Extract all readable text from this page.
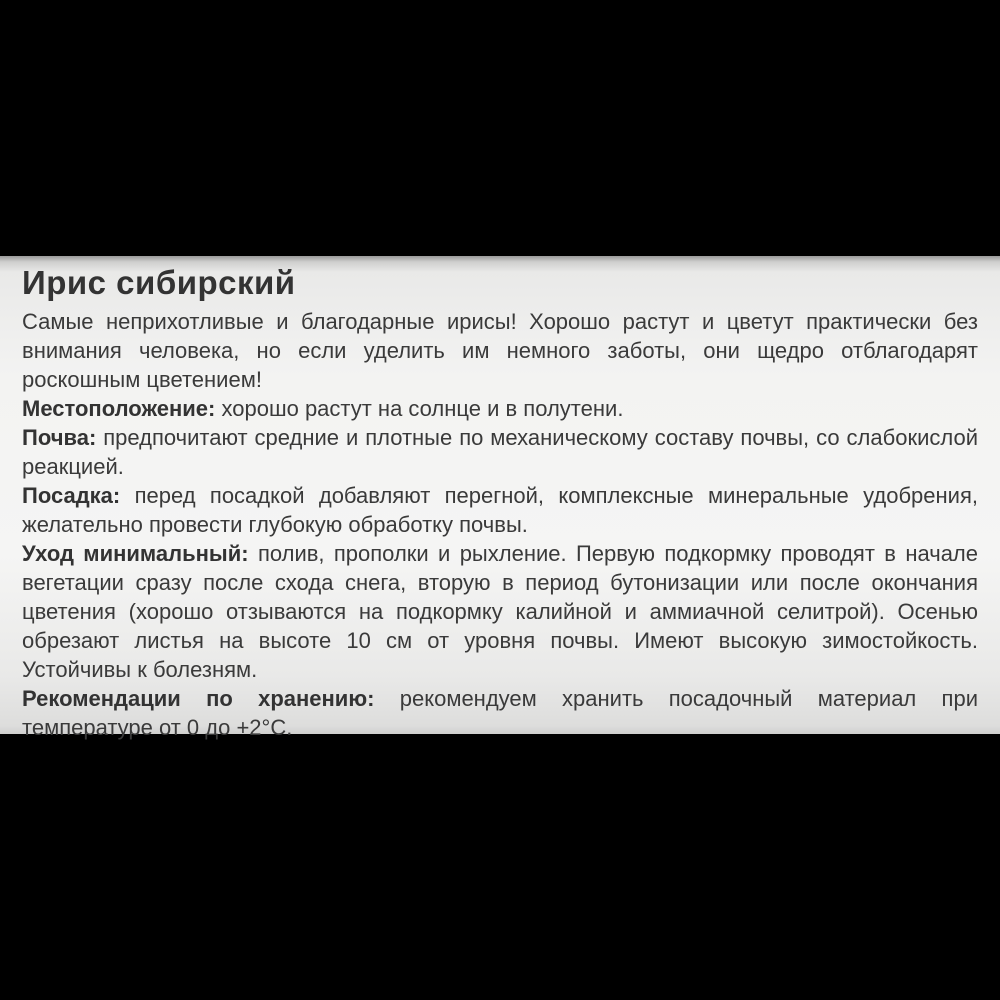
Ирис сибирский

Самые неприхотливые и благодарные ирисы! Хорошо растут и цветут практически без внимания человека, но если уделить им немного заботы, они щедро отблагодарят роскошным цветением!

Местоположение: хорошо растут на солнце и в полутени.

Почва: предпочитают средние и плотные по механическому составу почвы, со слабокислой реакцией.

Посадка: перед посадкой добавляют перегной, комплексные минеральные удобрения, желательно провести глубокую обработку почвы.

Уход минимальный: полив, прополки и рыхление. Первую подкормку проводят в начале вегетации сразу после схода снега, вторую в период бутонизации или после окончания цветения (хорошо отзываются на подкормку калийной и аммиачной селитрой). Осенью обрезают листья на высоте 10 см от уровня почвы. Имеют высокую зимостойкость. Устойчивы к болезням.

Рекомендации по хранению: рекомендуем хранить посадочный материал при температуре от 0 до +2°С.
